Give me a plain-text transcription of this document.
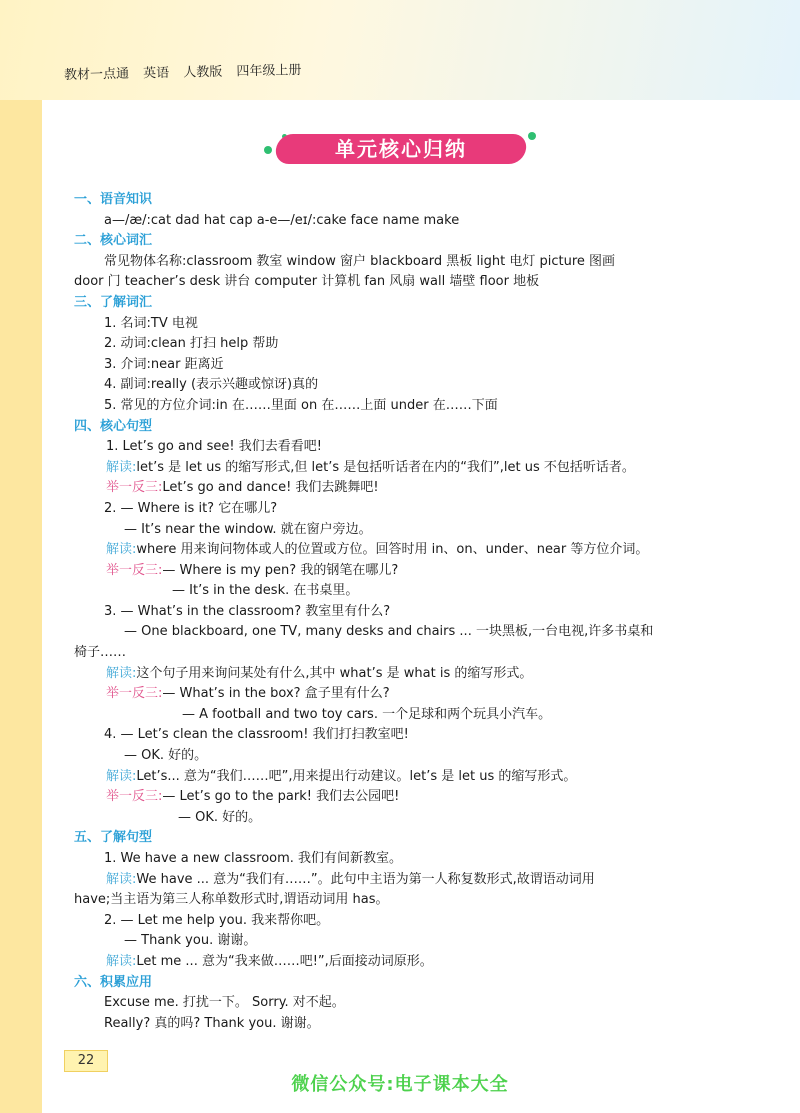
教材一点通 英语 人教版 四年级上册
单元核心归纳
一、语音知识
a—/æ/:cat dad hat cap a-e—/eɪ/:cake face name make
二、核心词汇
常见物体名称:classroom 教室 window 窗户 blackboard 黑板 light 电灯 picture 图画
door 门 teacher’s desk 讲台 computer 计算机 fan 风扇 wall 墙壁 floor 地板
三、了解词汇
1. 名词:TV 电视
2. 动词:clean 打扫 help 帮助
3. 介词:near 距离近
4. 副词:really (表示兴趣或惊讶)真的
5. 常见的方位介词:in 在……里面 on 在……上面 under 在……下面
四、核心句型
1. Let’s go and see! 我们去看看吧!
解读:let’s 是 let us 的缩写形式,但 let’s 是包括听话者在内的“我们”,let us 不包括听话者。
举一反三:Let’s go and dance! 我们去跳舞吧!
2. — Where is it? 它在哪儿?
— It’s near the window. 就在窗户旁边。
解读:where 用来询问物体或人的位置或方位。回答时用 in、on、under、near 等方位介词。
举一反三:— Where is my pen? 我的钢笔在哪儿?
— It’s in the desk. 在书桌里。
3. — What’s in the classroom? 教室里有什么?
— One blackboard, one TV, many desks and chairs ... 一块黑板,一台电视,许多书桌和
椅子……
解读:这个句子用来询问某处有什么,其中 what’s 是 what is 的缩写形式。
举一反三:— What’s in the box? 盒子里有什么?
— A football and two toy cars. 一个足球和两个玩具小汽车。
4. — Let’s clean the classroom! 我们打扫教室吧!
— OK. 好的。
解读:Let’s... 意为“我们……吧”,用来提出行动建议。let’s 是 let us 的缩写形式。
举一反三:— Let’s go to the park! 我们去公园吧!
— OK. 好的。
五、了解句型
1. We have a new classroom. 我们有间新教室。
解读:We have ... 意为“我们有……”。此句中主语为第一人称复数形式,故谓语动词用
have;当主语为第三人称单数形式时,谓语动词用 has。
2. — Let me help you. 我来帮你吧。
— Thank you. 谢谢。
解读:Let me ... 意为“我来做……吧!”,后面接动词原形。
六、积累应用
Excuse me. 打扰一下。 Sorry. 对不起。
Really? 真的吗? Thank you. 谢谢。
22
微信公众号:电子课本大全
